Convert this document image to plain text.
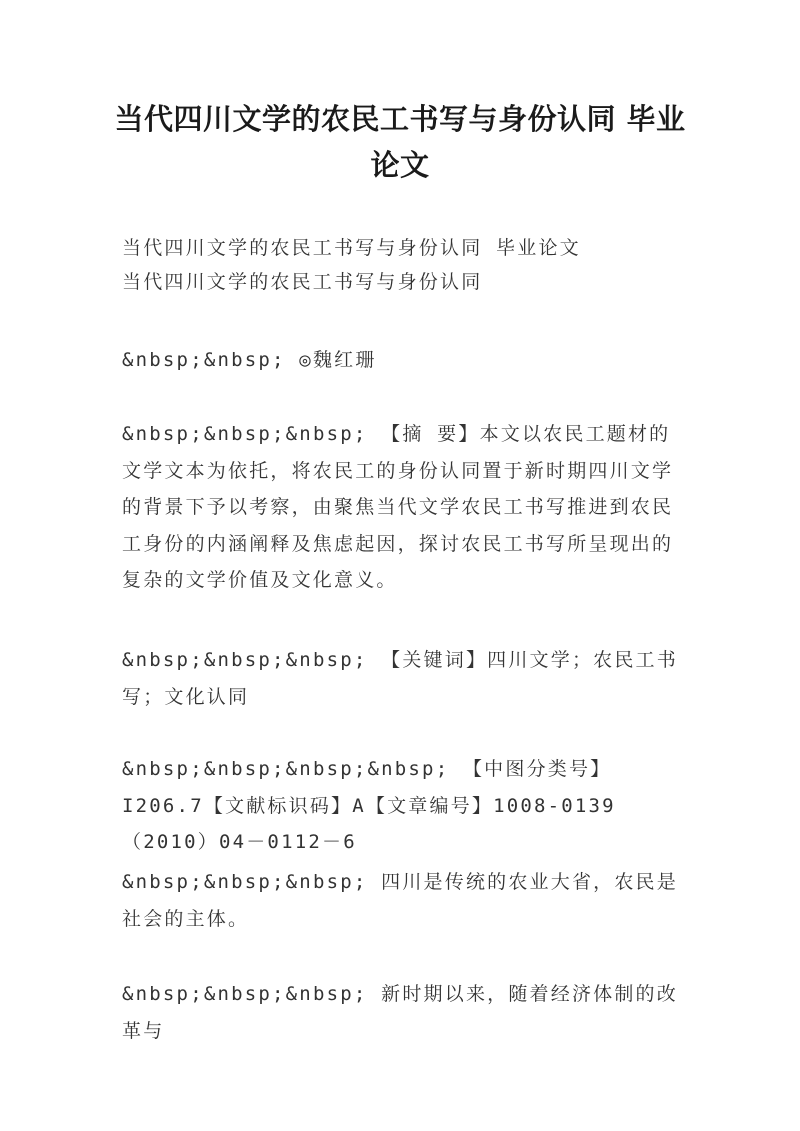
当代四川文学的农民工书写与身份认同 毕业论文
当代四川文学的农民工书写与身份认同 毕业论文
当代四川文学的农民工书写与身份认同

&nbsp;&nbsp; ◎魏红珊

&nbsp;&nbsp;&nbsp; 【摘 要】本文以农民工题材的文学文本为依托，将农民工的身份认同置于新时期四川文学的背景下予以考察，由聚焦当代文学农民工书写推进到农民工身份的内涵阐释及焦虑起因，探讨农民工书写所呈现出的复杂的文学价值及文化意义。

&nbsp;&nbsp;&nbsp; 【关键词】四川文学；农民工书写；文化认同

&nbsp;&nbsp;&nbsp;&nbsp; 【中图分类号】I206.7【文献标识码】A【文章编号】1008-0139（2010）04－0112－6

&nbsp;&nbsp;&nbsp; 四川是传统的农业大省，农民是社会的主体。

&nbsp;&nbsp;&nbsp; 新时期以来，随着经济体制的改革与
